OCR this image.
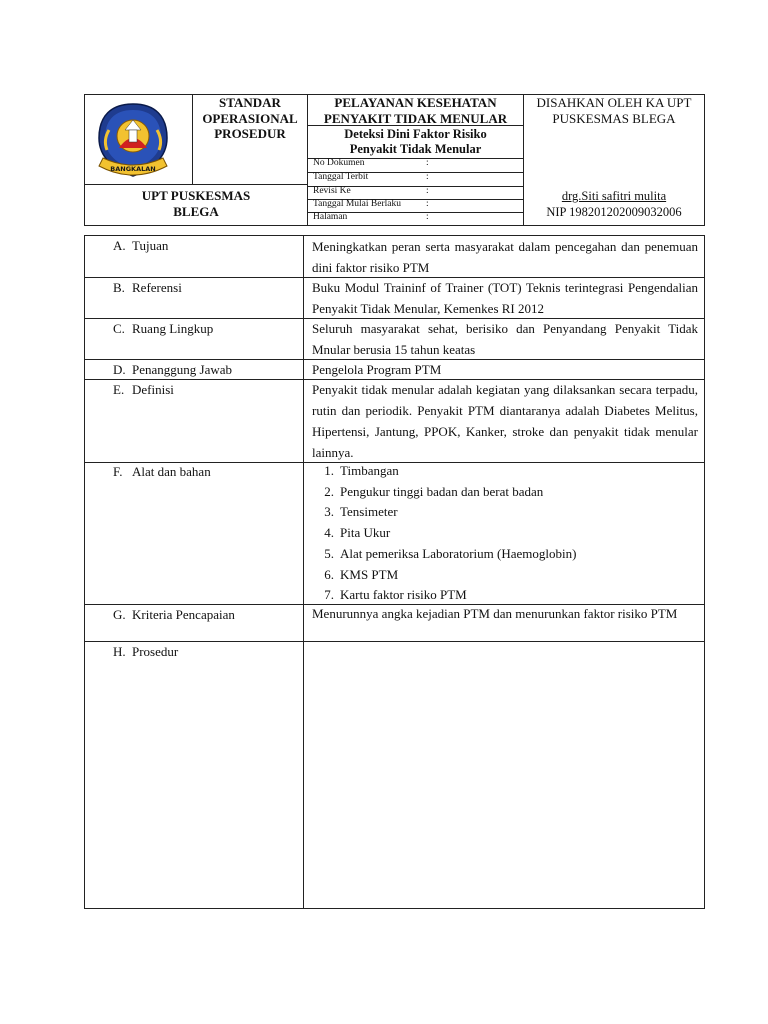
BANGKALAN
STANDAR
OPERASIONAL
PROSEDUR
UPT PUSKESMAS
BLEGA
PELAYANAN KESEHATAN
PENYAKIT TIDAK MENULAR
Deteksi Dini Faktor Risiko
Penyakit Tidak Menular
No Dokumen	:
Tanggal Terbit	:
Revisi Ke	:
Tanggal Mulai Berlaku	:
Halaman	:
DISAHKAN OLEH KA UPT
PUSKESMAS BLEGA
drg.Siti safitri mulita
NIP 198201202009032006
A. Tujuan	Meningkatkan peran serta masyarakat dalam pencegahan dan penemuan dini faktor risiko PTM
B. Referensi	Buku Modul Traininf of Trainer (TOT) Teknis terintegrasi Pengendalian Penyakit Tidak Menular, Kemenkes RI 2012
C. Ruang Lingkup	Seluruh masyarakat sehat, berisiko dan Penyandang Penyakit Tidak Mnular berusia 15 tahun keatas
D. Penanggung Jawab	Pengelola Program PTM
E. Definisi	Penyakit tidak menular adalah kegiatan yang dilaksankan secara terpadu, rutin dan periodik. Penyakit PTM diantaranya adalah Diabetes Melitus, Hipertensi, Jantung, PPOK, Kanker, stroke dan penyakit tidak menular lainnya.
F. Alat dan bahan	1. Timbangan
2. Pengukur tinggi badan dan berat badan
3. Tensimeter
4. Pita Ukur
5. Alat pemeriksa Laboratorium (Haemoglobin)
6. KMS PTM
7. Kartu faktor risiko PTM
G. Kriteria Pencapaian	Menurunnya angka kejadian PTM dan menurunkan faktor risiko PTM
H. Prosedur
